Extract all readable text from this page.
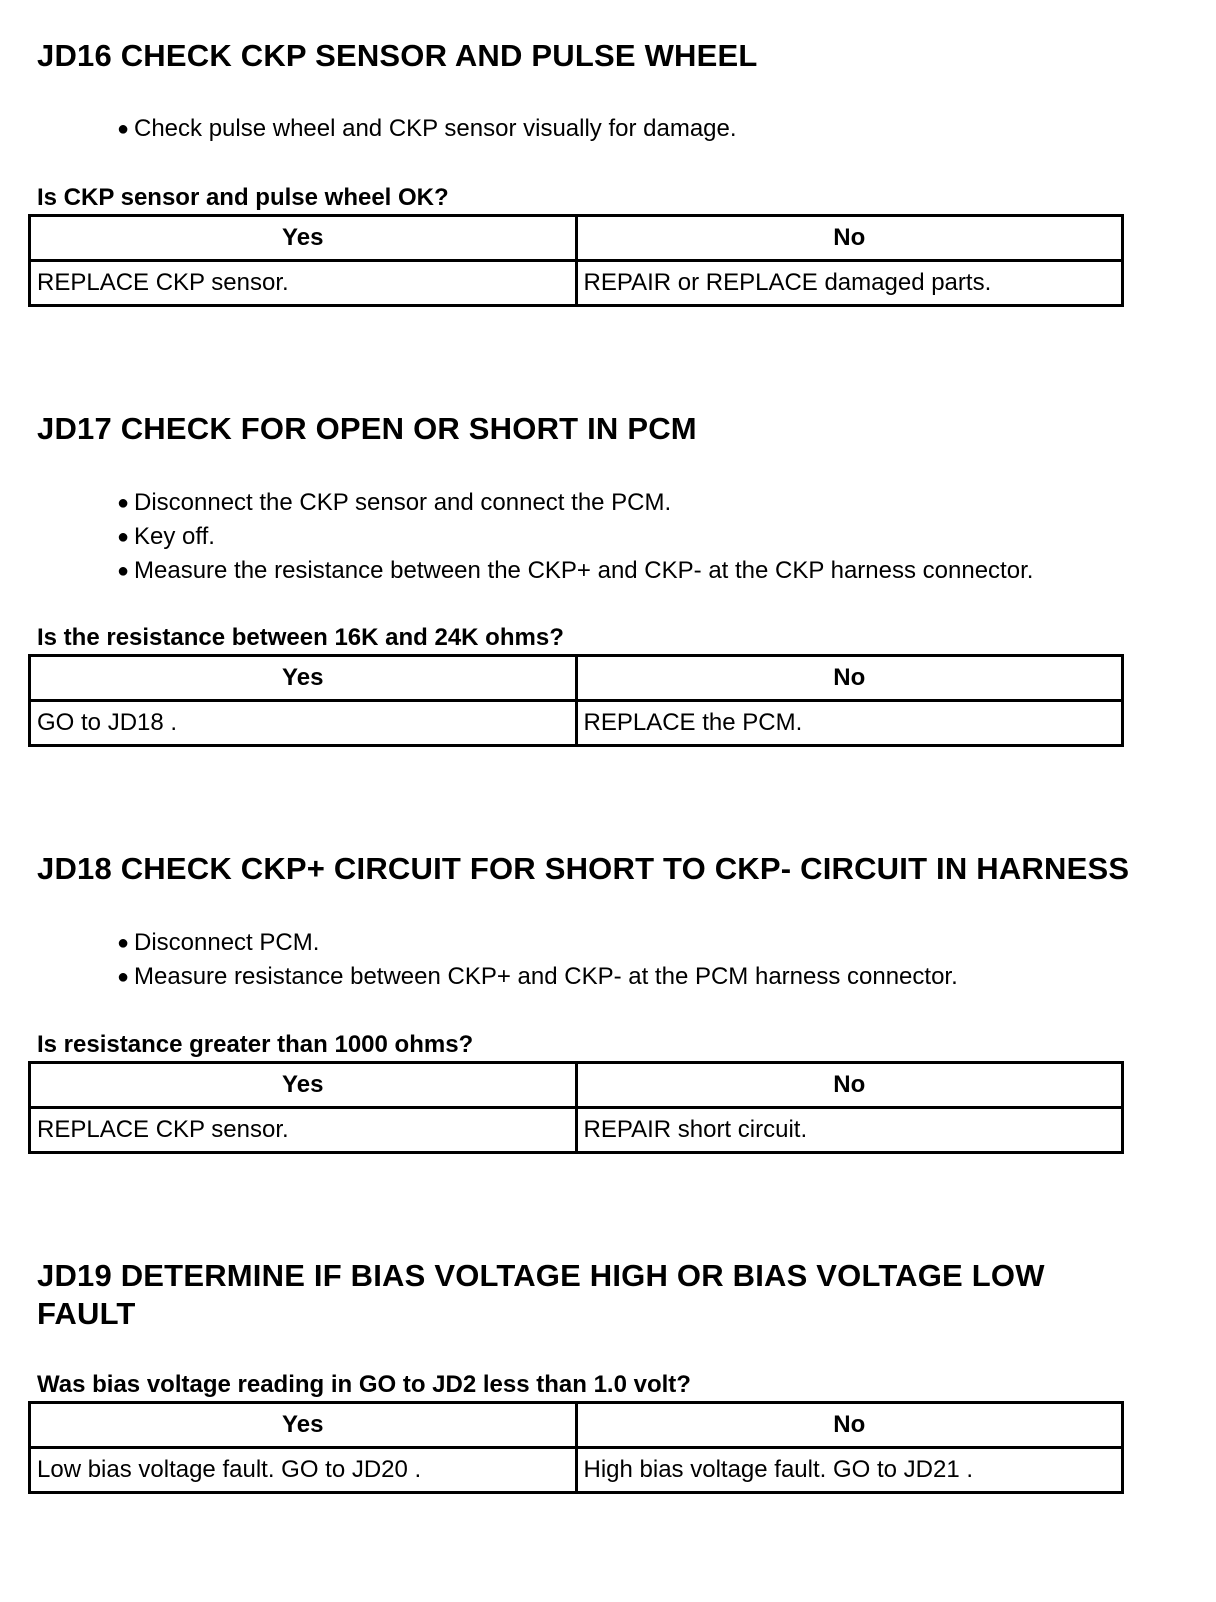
JD16 CHECK CKP SENSOR AND PULSE WHEEL
● Check pulse wheel and CKP sensor visually for damage.

Is CKP sensor and pulse wheel OK?

Yes	No
REPLACE CKP sensor.	REPAIR or REPLACE damaged parts.
JD17 CHECK FOR OPEN OR SHORT IN PCM
● Disconnect the CKP sensor and connect the PCM.
● Key off.
● Measure the resistance between the CKP+ and CKP- at the CKP harness connector.

Is the resistance between 16K and 24K ohms?

Yes	No
GO to JD18 .	REPLACE the PCM.
JD18 CHECK CKP+ CIRCUIT FOR SHORT TO CKP- CIRCUIT IN HARNESS
● Disconnect PCM.
● Measure resistance between CKP+ and CKP- at the PCM harness connector.

Is resistance greater than 1000 ohms?

Yes	No
REPLACE CKP sensor.	REPAIR short circuit.
JD19 DETERMINE IF BIAS VOLTAGE HIGH OR BIAS VOLTAGE LOW FAULT

Was bias voltage reading in GO to JD2 less than 1.0 volt?

Yes	No
Low bias voltage fault. GO to JD20 .	High bias voltage fault. GO to JD21 .
